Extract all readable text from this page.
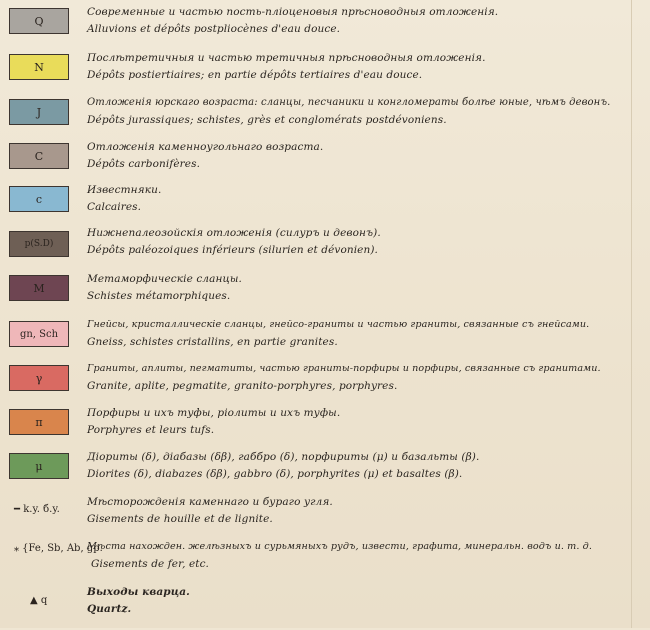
Q
Современные и частью пость-плioценовыя прѣсноводныя отложенія.
Alluvions et dépôts postpliocènes d'eau douce.
N
Послѣтретичныя и частью третичныя прѣсноводныя отложенія.
Dépôts postiertiaires; en partie dépôts tertiaires d'eau douce.
J
Отложенія юрскаго возраста: сланцы, песчаники и конгломераты болѣе юные, чѣмъ девонъ.
Dépôts jurassiques; schistes, grès et conglomérats postdévoniens.
C
Отложенія каменноугольнаго возраста.
Dépôts carbonifères.
c
Известняки.
Calcaires.
p(S.D)
Нижнепалеозойскія отложенія (силуръ и девонъ).
Dépôts paléozoiques inférieurs (silurien et dévonien).
M
Метаморфическіе сланцы.
Schistes métamorphiques.
gn, Sch
Гнейсы, кристаллическіе сланцы, гнейсо-граниты и частью граниты, связанные съ гнейсами.
Gneiss, schistes cristallins, en partie granites.
γ
Граниты, аплиты, пегматиты, частью граниты-порфиры и порфиры, связанные съ гранитами.
Granite, aplite, pegmatite, granito-porphyres, porphyres.
π
Порфиры и ихъ туфы, ріолиты и ихъ туфы.
Porphyres et leurs tufs.
μ
Діориты (δ), діабазы (δβ), габбро (δ), порфириты (μ) и базальты (β).
Diorites (δ), diabazes (δβ), gabbro (δ), porphyrites (μ) et basaltes (β).
━ k.y. б.y.
Мѣсторожденія каменнаго и бураго угля.
Gisements de houille et de lignite.
⁎ {Fe, Sb, Ab, gp.
Мѣста нахожден. желѣзныхъ и сурьмяныхъ рудъ, извести, графита, минеральн. водъ и. т. д.
Gisements de fer, etc.
▲ q
Выходы кварца.
Quartz.
